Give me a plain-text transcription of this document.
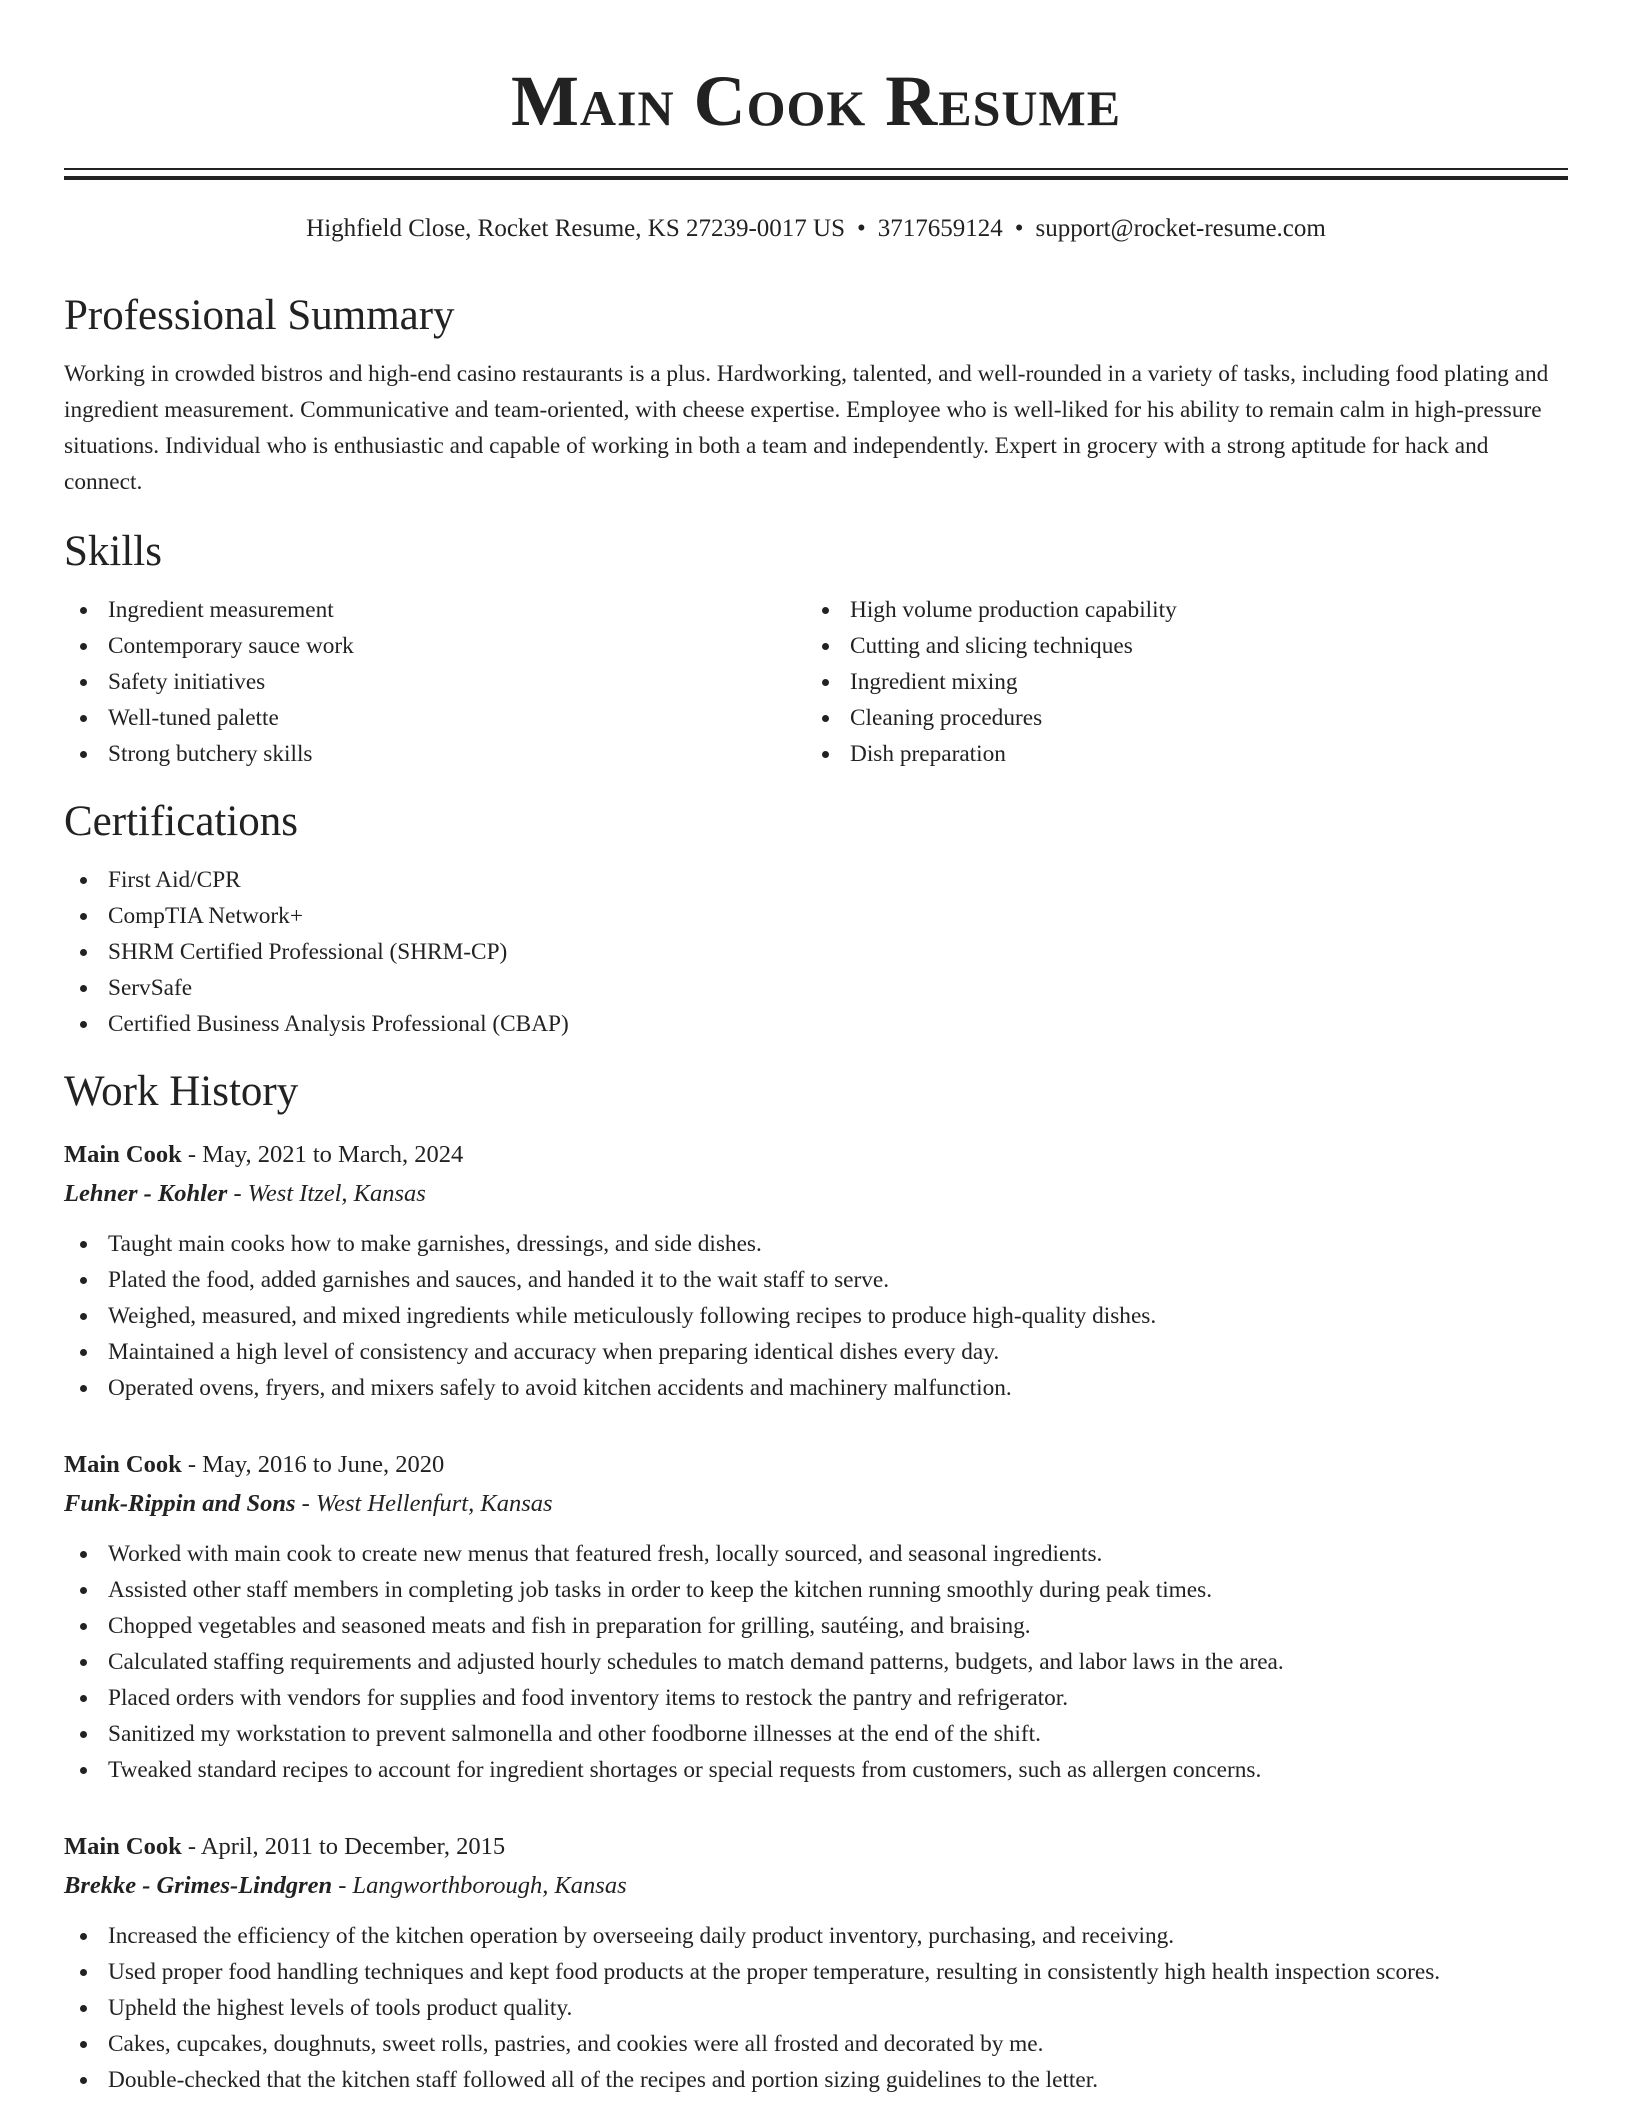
Main Cook Resume
Highfield Close, Rocket Resume, KS 27239-0017 US • 3717659124 • support@rocket-resume.com
Professional Summary

Working in crowded bistros and high-end casino restaurants is a plus. Hardworking, talented, and well-rounded in a variety of tasks, including food plating and ingredient measurement. Communicative and team-oriented, with cheese expertise. Employee who is well-liked for his ability to remain calm in high-pressure situations. Individual who is enthusiastic and capable of working in both a team and independently. Expert in grocery with a strong aptitude for hack and connect.

Skills
Ingredient measurement
Contemporary sauce work
Safety initiatives
Well-tuned palette
Strong butchery skills
High volume production capability
Cutting and slicing techniques
Ingredient mixing
Cleaning procedures
Dish preparation
Certifications
First Aid/CPR
CompTIA Network+
SHRM Certified Professional (SHRM-CP)
ServSafe
Certified Business Analysis Professional (CBAP)
Work History
Main Cook - May, 2021 to March, 2024
Lehner - Kohler - West Itzel, Kansas
Taught main cooks how to make garnishes, dressings, and side dishes.
Plated the food, added garnishes and sauces, and handed it to the wait staff to serve.
Weighed, measured, and mixed ingredients while meticulously following recipes to produce high-quality dishes.
Maintained a high level of consistency and accuracy when preparing identical dishes every day.
Operated ovens, fryers, and mixers safely to avoid kitchen accidents and machinery malfunction.
Main Cook - May, 2016 to June, 2020
Funk-Rippin and Sons - West Hellenfurt, Kansas
Worked with main cook to create new menus that featured fresh, locally sourced, and seasonal ingredients.
Assisted other staff members in completing job tasks in order to keep the kitchen running smoothly during peak times.
Chopped vegetables and seasoned meats and fish in preparation for grilling, sautéing, and braising.
Calculated staffing requirements and adjusted hourly schedules to match demand patterns, budgets, and labor laws in the area.
Placed orders with vendors for supplies and food inventory items to restock the pantry and refrigerator.
Sanitized my workstation to prevent salmonella and other foodborne illnesses at the end of the shift.
Tweaked standard recipes to account for ingredient shortages or special requests from customers, such as allergen concerns.
Main Cook - April, 2011 to December, 2015
Brekke - Grimes-Lindgren - Langworthborough, Kansas
Increased the efficiency of the kitchen operation by overseeing daily product inventory, purchasing, and receiving.
Used proper food handling techniques and kept food products at the proper temperature, resulting in consistently high health inspection scores.
Upheld the highest levels of tools product quality.
Cakes, cupcakes, doughnuts, sweet rolls, pastries, and cookies were all frosted and decorated by me.
Double-checked that the kitchen staff followed all of the recipes and portion sizing guidelines to the letter.
